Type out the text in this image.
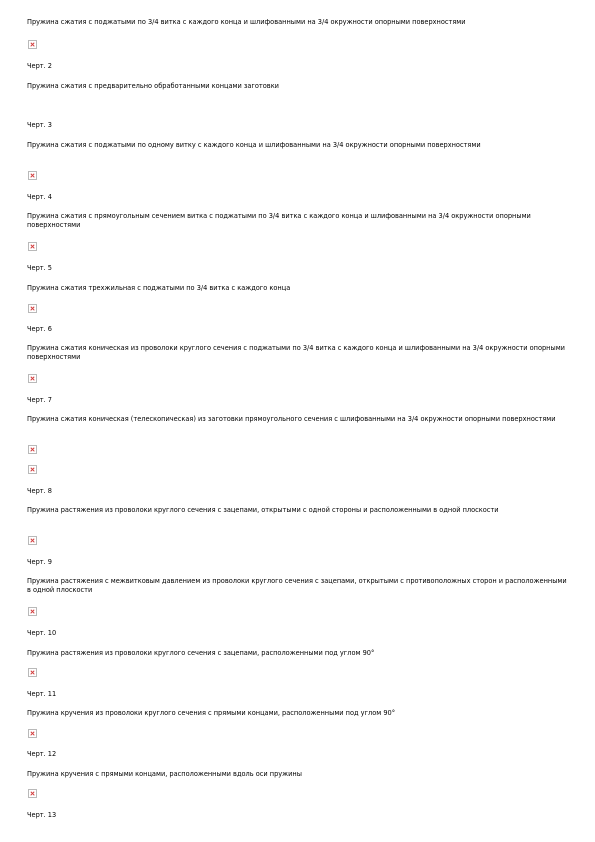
Пружина сжатия с поджатыми по 3/4 витка с каждого конца и шлифованными на 3/4 окружности опорными поверхностями

Черт. 2

Пружина сжатия с предварительно обработанными концами заготовки

Черт. 3

Пружина сжатия с поджатыми по одному витку с каждого конца и шлифованными на 3/4 окружности опорными поверхностями

Черт. 4

Пружина сжатия с прямоугольным сечением витка с поджатыми по 3/4 витка с каждого конца и шлифованными на 3/4 окружности опорными поверхностями

Черт. 5

Пружина сжатия трехжильная с поджатыми по 3/4 витка с каждого конца

Черт. 6

Пружина сжатия коническая из проволоки круглого сечения с поджатыми по 3/4 витка с каждого конца и шлифованными на 3/4 окружности опорными поверхностями

Черт. 7

Пружина сжатия коническая (телескопическая) из заготовки прямоугольного сечения с шлифованными на 3/4 окружности опорными поверхностями

Черт. 8

Пружина растяжения из проволоки круглого сечения с зацепами, открытыми с одной стороны и расположенными в одной плоскости

Черт. 9

Пружина растяжения с межвитковым давлением из проволоки круглого сечения с зацепами, открытыми с противоположных сторон и расположенными в одной плоскости

Черт. 10

Пружина растяжения из проволоки круглого сечения с зацепами, расположенными под углом 90°

Черт. 11

Пружина кручения из проволоки круглого сечения с прямыми концами, расположенными под углом 90°

Черт. 12

Пружина кручения с прямыми концами, расположенными вдоль оси пружины

Черт. 13
